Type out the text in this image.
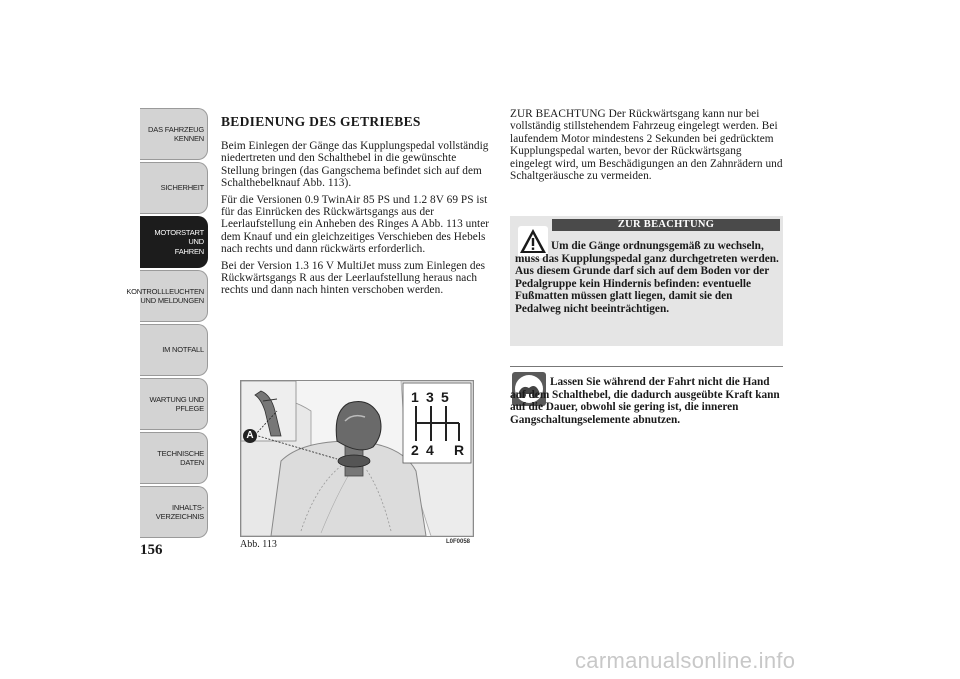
DAS FAHRZEUG
KENNEN
SICHERHEIT
MOTORSTART UND
FAHREN
KONTROLLLEUCHTEN
UND MELDUNGEN
IM NOTFALL
WARTUNG UND
PFLEGE
TECHNISCHE
DATEN
INHALTS-
VERZEICHNIS
156
BEDIENUNG DES GETRIEBES

Beim Einlegen der Gänge das Kupplungspedal vollständig niedertreten und den Schalthebel in die gewünschte Stellung bringen (das Gangschema befindet sich auf dem Schalthebelknauf Abb. 113).

Für die Versionen 0.9 TwinAir 85 PS und 1.2 8V 69 PS ist für das Einrücken des Rückwärtsgangs aus der Leerlaufstellung ein Anheben des Ringes A Abb. 113 unter dem Knauf und ein gleichzeitiges Verschieben des Hebels nach rechts und dann rückwärts erforderlich.

Bei der Version 1.3 16 V MultiJet muss zum Einlegen des Rückwärtsgangs R aus der Leerlaufstellung heraus nach rechts und dann nach hinten verschoben werden.

A
1 3 5
2 4 R
Abb. 113	L0F0058

ZUR BEACHTUNG Der Rückwärtsgang kann nur bei vollständig stillstehendem Fahrzeug eingelegt werden. Bei laufendem Motor mindestens 2 Sekunden bei gedrücktem Kupplungspedal warten, bevor der Rückwärtsgang eingelegt wird, um Beschädigungen an den Zahnrädern und Schaltgeräusche zu vermeiden.

ZUR BEACHTUNG

Um die Gänge ordnungsgemäß zu wechseln, muss das Kupplungspedal ganz durchgetreten werden. Aus diesem Grunde darf sich auf dem Boden vor der Pedalgruppe kein Hindernis befinden: eventuelle Fußmatten müssen glatt liegen, damit sie den Pedalweg nicht beeinträchtigen.

Lassen Sie während der Fahrt nicht die Hand auf dem Schalthebel, die dadurch ausgeübte Kraft kann auf die Dauer, obwohl sie gering ist, die inneren Gangschaltungselemente abnutzen.

carmanualsonline.info
